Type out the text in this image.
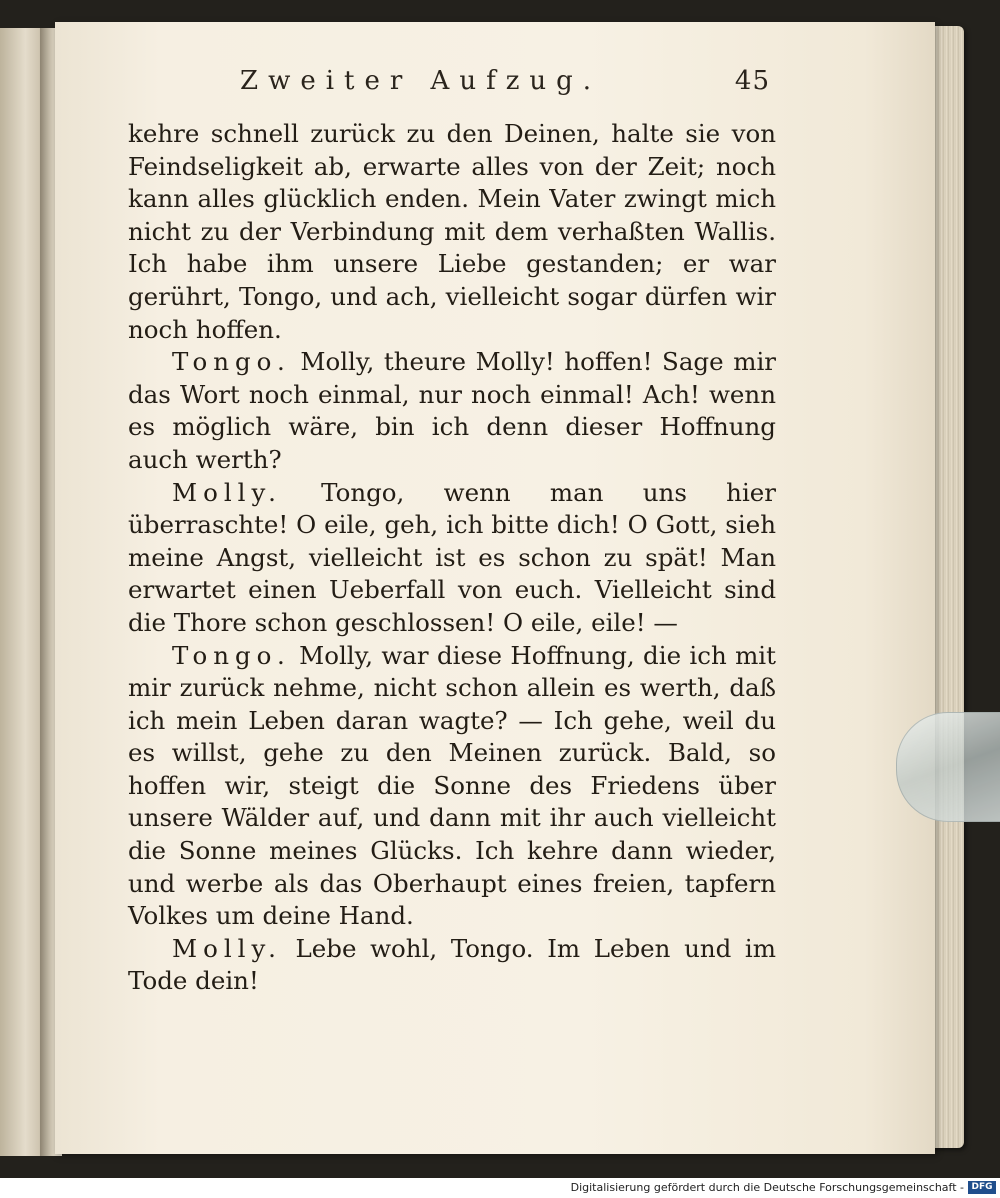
Zweiter Aufzug.	45

kehre schnell zurück zu den Deinen, halte sie von Feindseligkeit ab, erwarte alles von der Zeit; noch kann alles glücklich enden. Mein Vater zwingt mich nicht zu der Verbindung mit dem verhaßten Wallis. Ich habe ihm unsere Liebe gestanden; er war gerührt, Tongo, und ach, vielleicht sogar dürfen wir noch hoffen.

Tongo. Molly, theure Molly! hoffen! Sage mir das Wort noch einmal, nur noch einmal! Ach! wenn es möglich wäre, bin ich denn dieser Hoffnung auch werth?

Molly. Tongo, wenn man uns hier überraschte! O eile, geh, ich bitte dich! O Gott, sieh meine Angst, vielleicht ist es schon zu spät! Man erwartet einen Ueberfall von euch. Vielleicht sind die Thore schon geschlossen! O eile, eile! —

Tongo. Molly, war diese Hoffnung, die ich mit mir zurück nehme, nicht schon allein es werth, daß ich mein Leben daran wagte? — Ich gehe, weil du es willst, gehe zu den Meinen zurück. Bald, so hoffen wir, steigt die Sonne des Friedens über unsere Wälder auf, und dann mit ihr auch vielleicht die Sonne meines Glücks. Ich kehre dann wieder, und werbe als das Oberhaupt eines freien, tapfern Volkes um deine Hand.

Molly. Lebe wohl, Tongo. Im Leben und im Tode dein!

Digitalisierung gefördert durch die Deutsche Forschungsgemeinschaft - DFG
